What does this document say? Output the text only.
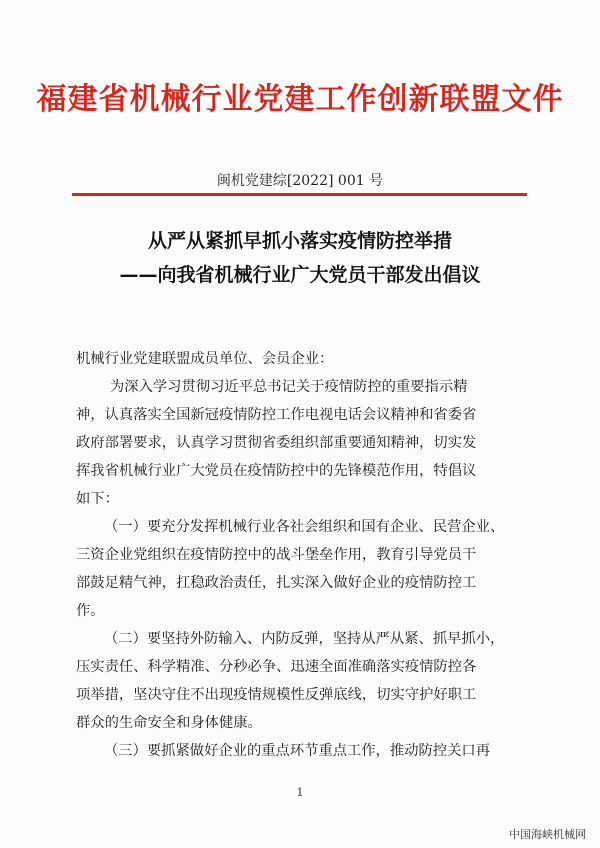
福建省机械行业党建工作创新联盟文件
闽机党建综[2022] 001 号
从严从紧抓早抓小落实疫情防控举措
——向我省机械行业广大党员干部发出倡议
机械行业党建联盟成员单位、会员企业：
为深入学习贯彻习近平总书记关于疫情防控的重要指示精
神，认真落实全国新冠疫情防控工作电视电话会议精神和省委省
政府部署要求，认真学习贯彻省委组织部重要通知精神，切实发
挥我省机械行业广大党员在疫情防控中的先锋模范作用，特倡议
如下：
（一）要充分发挥机械行业各社会组织和国有企业、民营企业、
三资企业党组织在疫情防控中的战斗堡垒作用，教育引导党员干
部鼓足精气神，扛稳政治责任，扎实深入做好企业的疫情防控工
作。
（二）要坚持外防输入、内防反弹，坚持从严从紧、抓早抓小，
压实责任、科学精准、分秒必争、迅速全面准确落实疫情防控各
项举措，坚决守住不出现疫情规模性反弹底线，切实守护好职工
群众的生命安全和身体健康。
（三）要抓紧做好企业的重点环节重点工作，推动防控关口再
1
中国海峡机械网
